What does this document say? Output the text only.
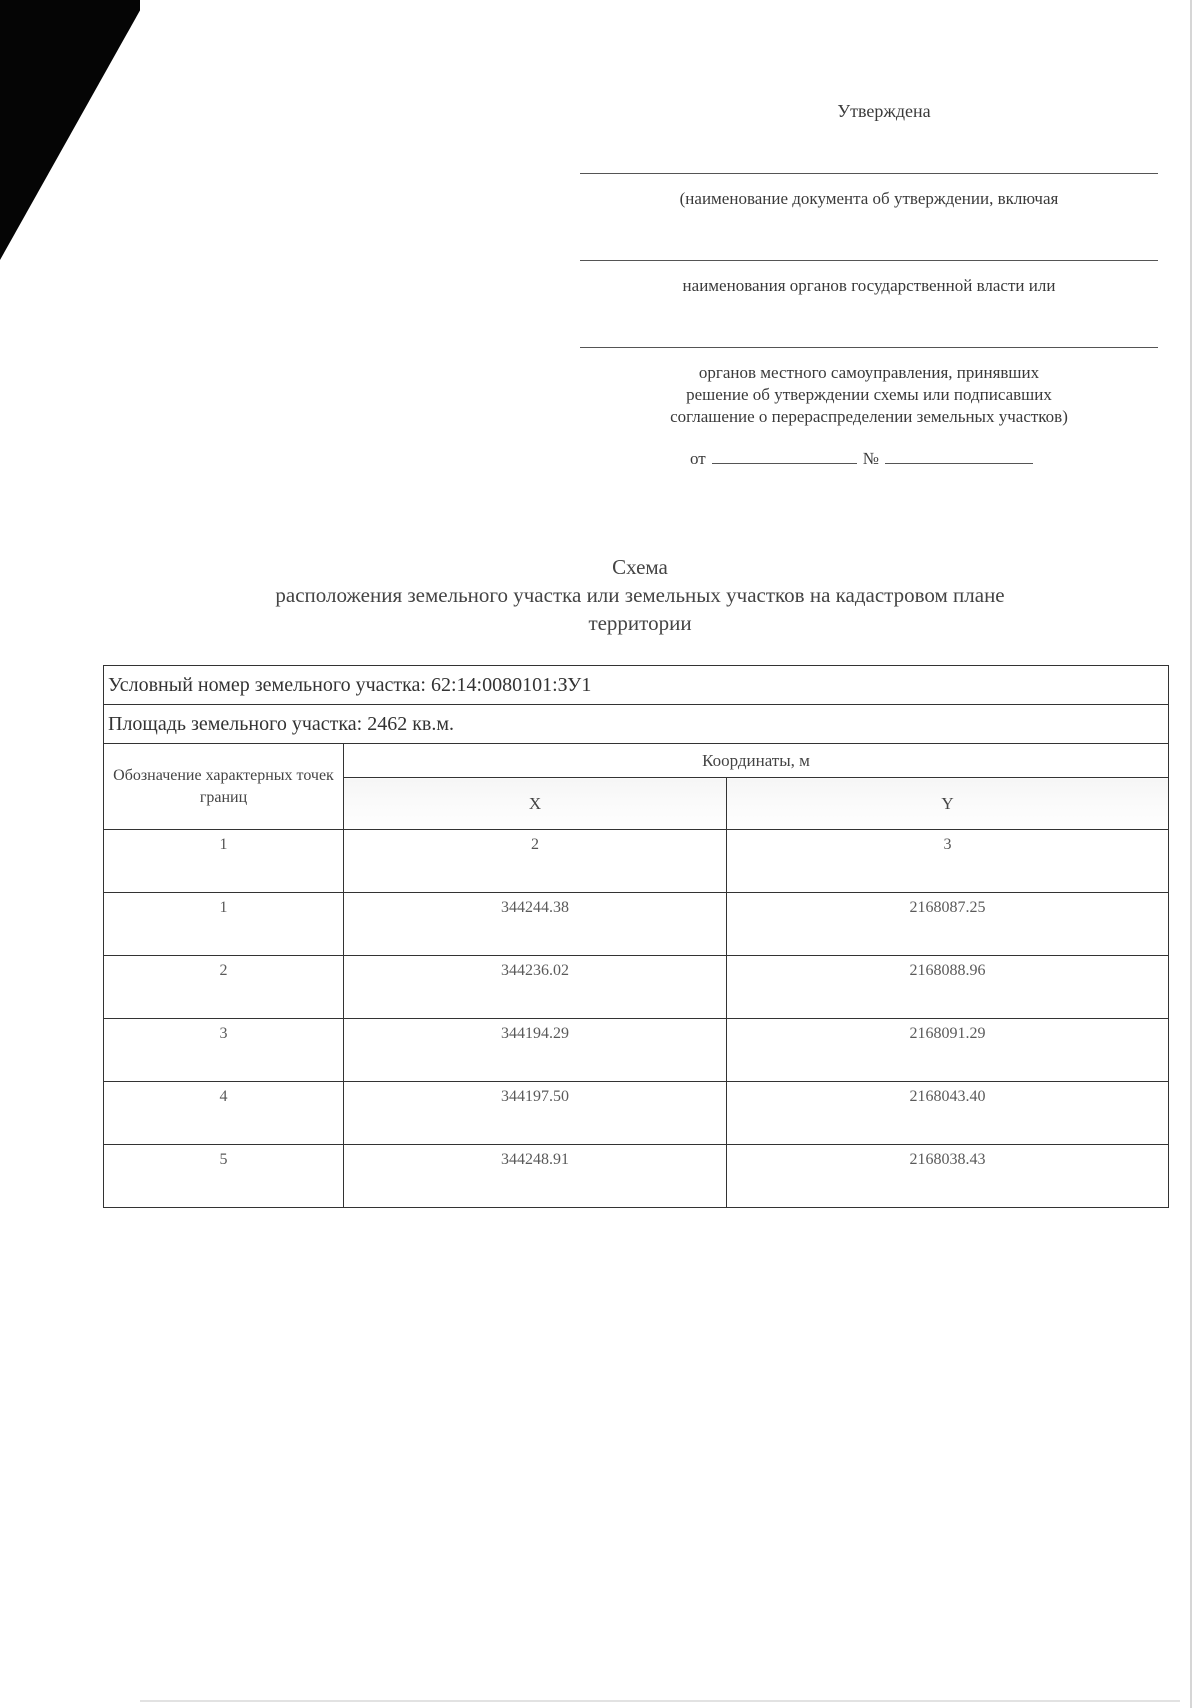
Утверждена
(наименование документа об утверждении, включая
наименования органов государственной власти или
органов местного самоуправления, принявших
решение об утверждении схемы или подписавших
соглашение о перераспределении земельных участков)
от	№
Схема
расположения земельного участка или земельных участков на кадастровом плане
территории
Условный номер земельного участка: 62:14:0080101:ЗУ1		
Площадь земельного участка: 2462 кв.м.		
Обозначение характерных точек границ	Координаты, м	
	X	Y
1	2	3
1	344244.38	2168087.25
2	344236.02	2168088.96
3	344194.29	2168091.29
4	344197.50	2168043.40
5	344248.91	2168038.43
